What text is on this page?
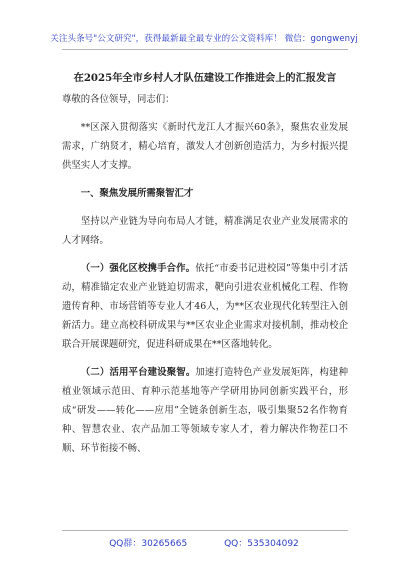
关注头条号"公文研究"，获得最新最全最专业的公文资料库！ 微信：gongwenyj
在2025年全市乡村人才队伍建设工作推进会上的汇报发言
尊敬的各位领导，同志们：
**区深入贯彻落实《新时代龙江人才振兴60条》，聚焦农业发展需求，广纳贤才，精心培育，激发人才创新创造活力，为乡村振兴提供坚实人才支撑。
一、聚焦发展所需聚智汇才
坚持以产业链为导向布局人才链，精准满足农业产业发展需求的人才网络。
（一）强化区校携手合作。依托“市委书记进校园”等集中引才活动，精准锚定农业产业链迫切需求，靶向引进农业机械化工程、作物遗传育种、市场营销等专业人才46人，为**区农业现代化转型注入创新活力。建立高校科研成果与**区农业企业需求对接机制，推动校企联合开展课题研究，促进科研成果在**区落地转化。
（二）活用平台建设聚智。加速打造特色产业发展矩阵，构建种植业领域示范田、育种示范基地等产学研用协同创新实践平台，形成“研发——转化——应用”全链条创新生态，吸引集聚52名作物育种、智慧农业、农产品加工等领域专家人才，着力解决作物茬口不顺、环节衔接不畅、
QQ群：30265665	QQ：535304092
